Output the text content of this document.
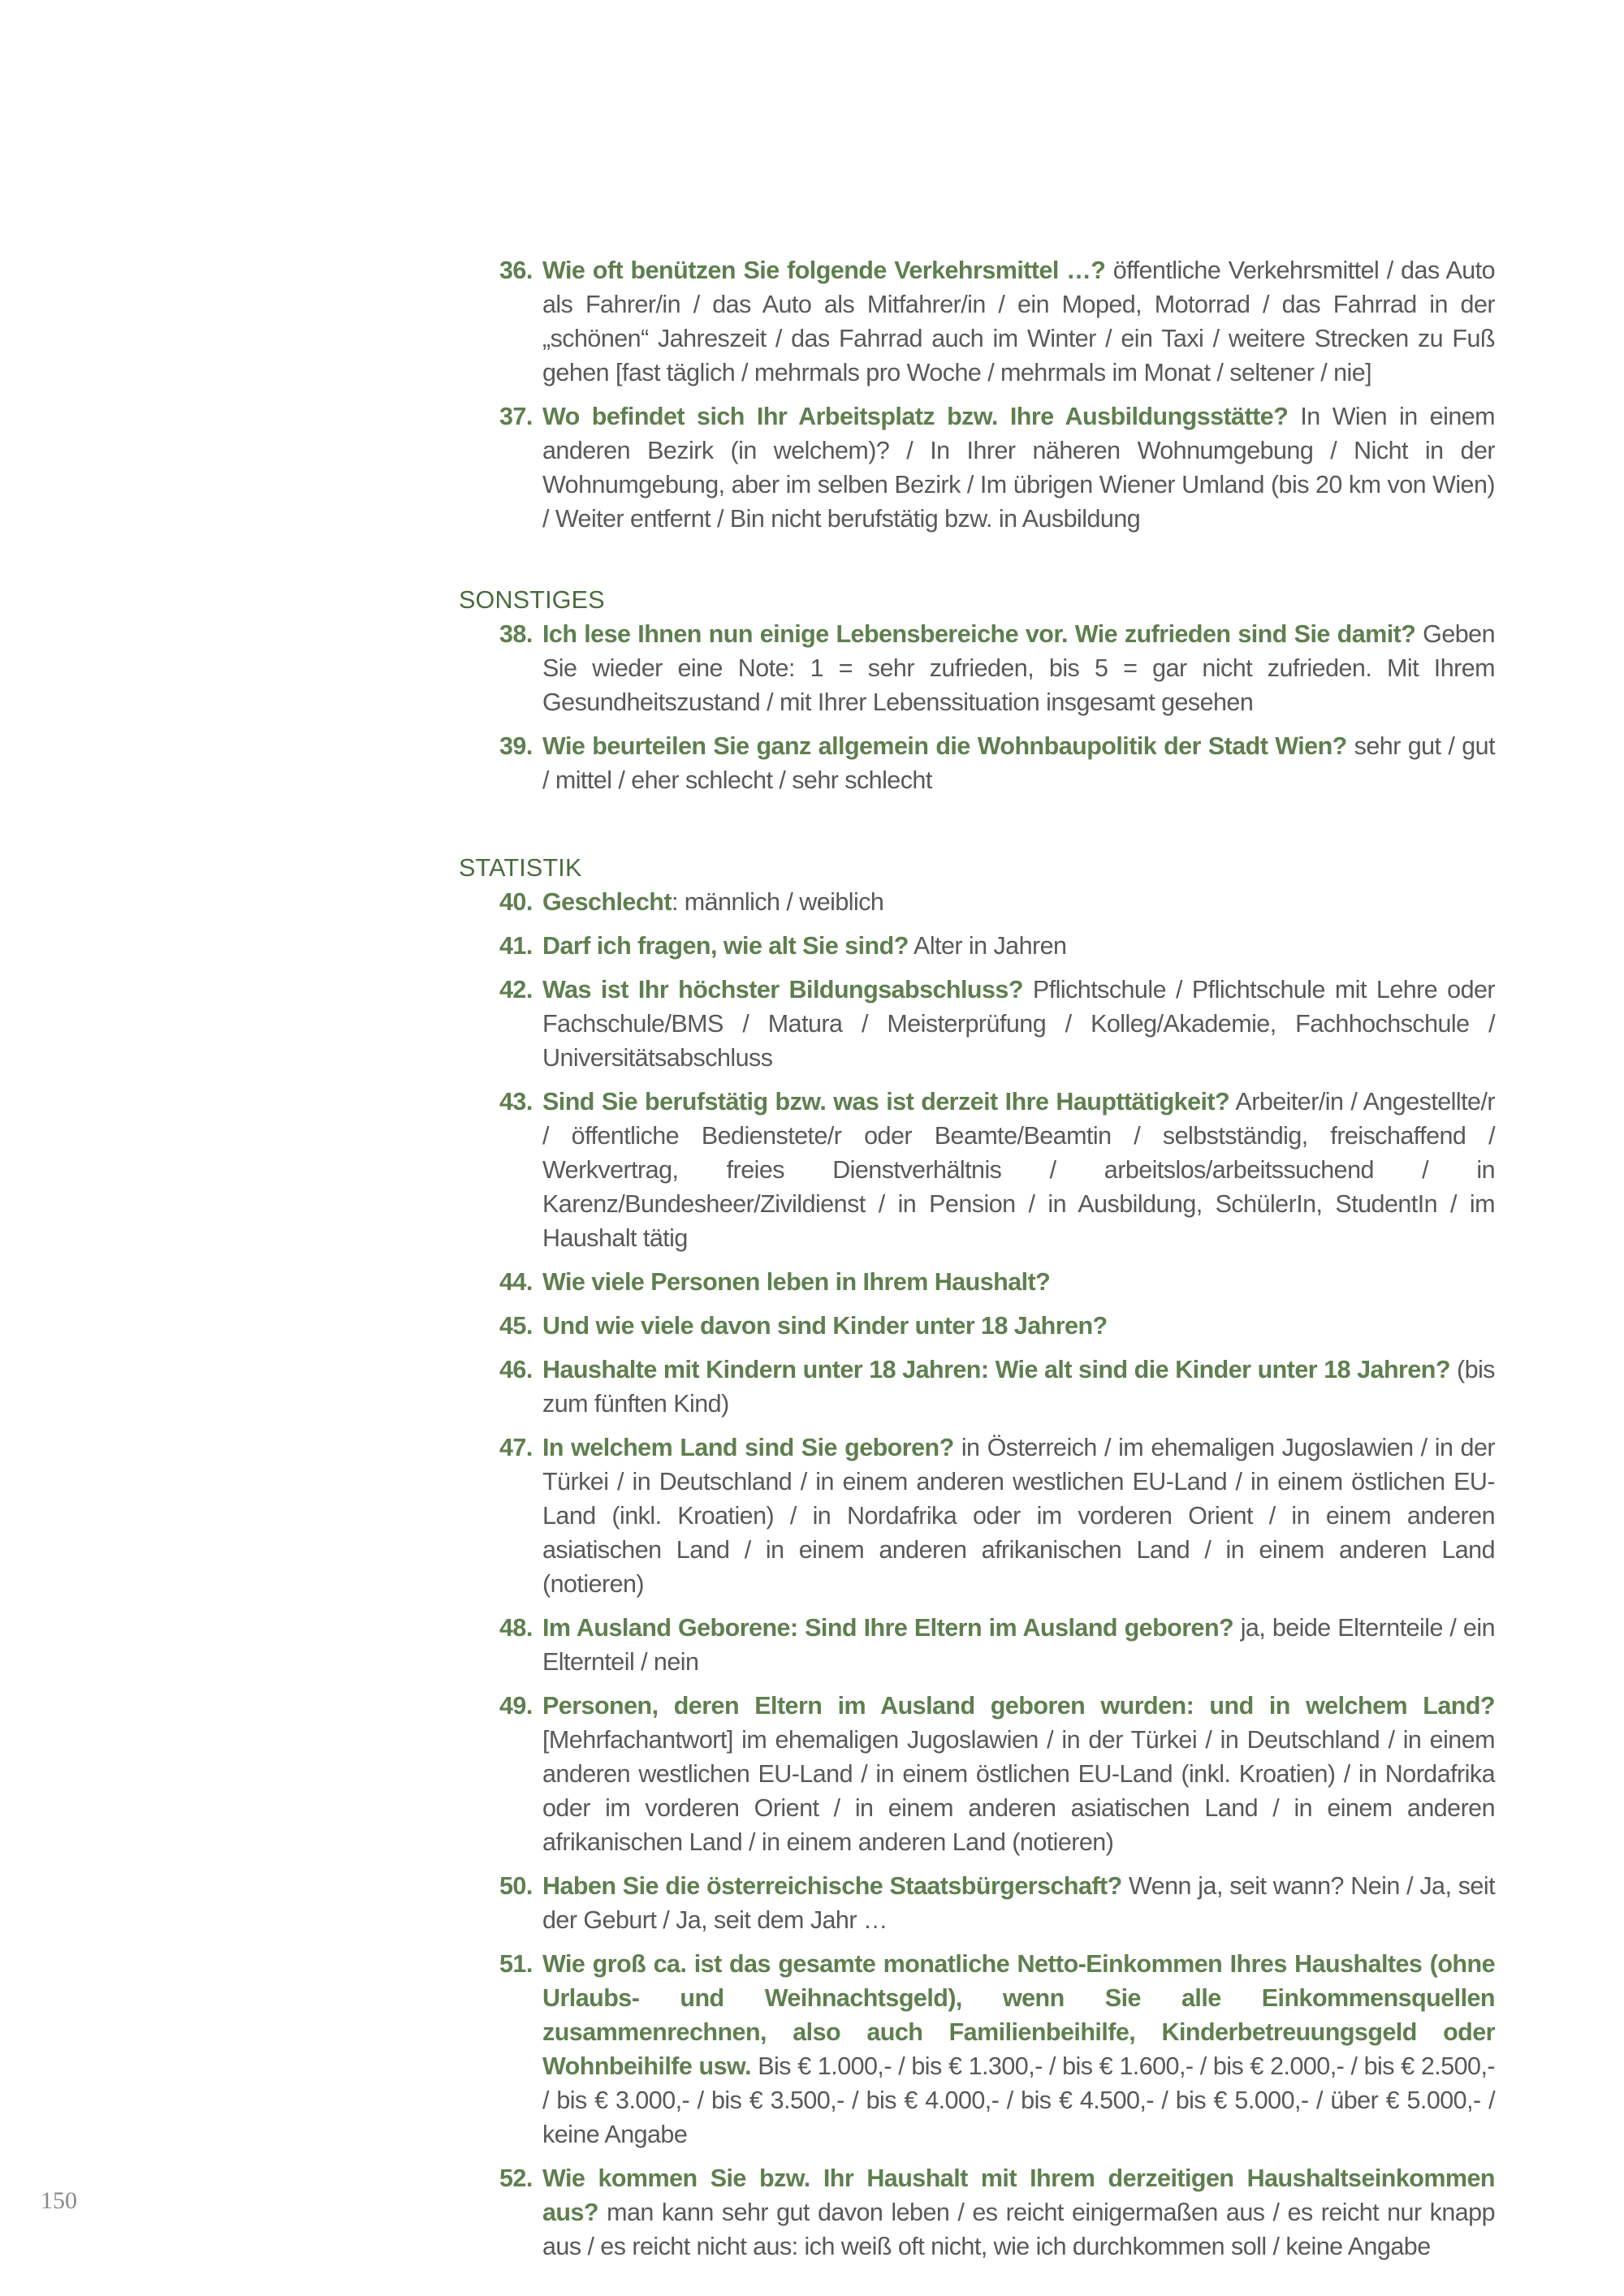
36. Wie oft benützen Sie folgende Verkehrsmittel …? öffentliche Verkehrsmittel / das Auto als Fahrer/in / das Auto als Mitfahrer/in / ein Moped, Motorrad / das Fahrrad in der „schönen“ Jahreszeit / das Fahrrad auch im Winter / ein Taxi / weitere Strecken zu Fuß gehen [fast täglich / mehrmals pro Woche / mehrmals im Monat / seltener / nie]
37. Wo befindet sich Ihr Arbeitsplatz bzw. Ihre Ausbildungsstätte? In Wien in einem anderen Bezirk (in welchem)? / In Ihrer näheren Wohnumgebung / Nicht in der Wohnumgebung, aber im selben Bezirk / Im übrigen Wiener Umland (bis 20 km von Wien) / Weiter entfernt / Bin nicht berufstätig bzw. in Ausbildung
SONSTIGES
38. Ich lese Ihnen nun einige Lebensbereiche vor. Wie zufrieden sind Sie damit? Geben Sie wieder eine Note: 1 = sehr zufrieden, bis 5 = gar nicht zufrieden. Mit Ihrem Gesundheitszustand / mit Ihrer Lebenssituation insgesamt gesehen
39. Wie beurteilen Sie ganz allgemein die Wohnbaupolitik der Stadt Wien? sehr gut / gut / mittel / eher schlecht / sehr schlecht
STATISTIK
40. Geschlecht: männlich / weiblich
41. Darf ich fragen, wie alt Sie sind? Alter in Jahren
42. Was ist Ihr höchster Bildungsabschluss? Pflichtschule / Pflichtschule mit Lehre oder Fachschule/BMS / Matura / Meisterprüfung / Kolleg/Akademie, Fachhochschule / Universitätsabschluss
43. Sind Sie berufstätig bzw. was ist derzeit Ihre Haupttätigkeit? Arbeiter/in / Angestellte/r / öffentliche Bedienstete/r oder Beamte/Beamtin / selbstständig, freischaffend / Werkvertrag, freies Dienstverhältnis / arbeitslos/arbeitssuchend / in Karenz/Bundesheer/Zivildienst / in Pension / in Ausbildung, SchülerIn, StudentIn / im Haushalt tätig
44. Wie viele Personen leben in Ihrem Haushalt?
45. Und wie viele davon sind Kinder unter 18 Jahren?
46. Haushalte mit Kindern unter 18 Jahren: Wie alt sind die Kinder unter 18 Jahren? (bis zum fünften Kind)
47. In welchem Land sind Sie geboren? in Österreich / im ehemaligen Jugoslawien / in der Türkei / in Deutschland / in einem anderen westlichen EU-Land / in einem östlichen EU-Land (inkl. Kroatien) / in Nordafrika oder im vorderen Orient / in einem anderen asiatischen Land / in einem anderen afrikanischen Land / in einem anderen Land (notieren)
48. Im Ausland Geborene: Sind Ihre Eltern im Ausland geboren? ja, beide Elternteile / ein Elternteil / nein
49. Personen, deren Eltern im Ausland geboren wurden: und in welchem Land? [Mehrfachantwort] im ehemaligen Jugoslawien / in der Türkei / in Deutschland / in einem anderen westlichen EU-Land / in einem östlichen EU-Land (inkl. Kroatien) / in Nordafrika oder im vorderen Orient / in einem anderen asiatischen Land / in einem anderen afrikanischen Land / in einem anderen Land (notieren)
50. Haben Sie die österreichische Staatsbürgerschaft? Wenn ja, seit wann? Nein / Ja, seit der Geburt / Ja, seit dem Jahr …
51. Wie groß ca. ist das gesamte monatliche Netto-Einkommen Ihres Haushaltes (ohne Urlaubs- und Weihnachtsgeld), wenn Sie alle Einkommensquellen zusammenrechnen, also auch Familienbeihilfe, Kinderbetreuungsgeld oder Wohnbeihilfe usw. Bis € 1.000,- / bis € 1.300,- / bis € 1.600,- / bis € 2.000,- / bis € 2.500,- / bis € 3.000,- / bis € 3.500,- / bis € 4.000,- / bis € 4.500,- / bis € 5.000,- / über € 5.000,- / keine Angabe
52. Wie kommen Sie bzw. Ihr Haushalt mit Ihrem derzeitigen Haushaltseinkommen aus? man kann sehr gut davon leben / es reicht einigermaßen aus / es reicht nur knapp aus / es reicht nicht aus: ich weiß oft nicht, wie ich durchkommen soll / keine Angabe
150
